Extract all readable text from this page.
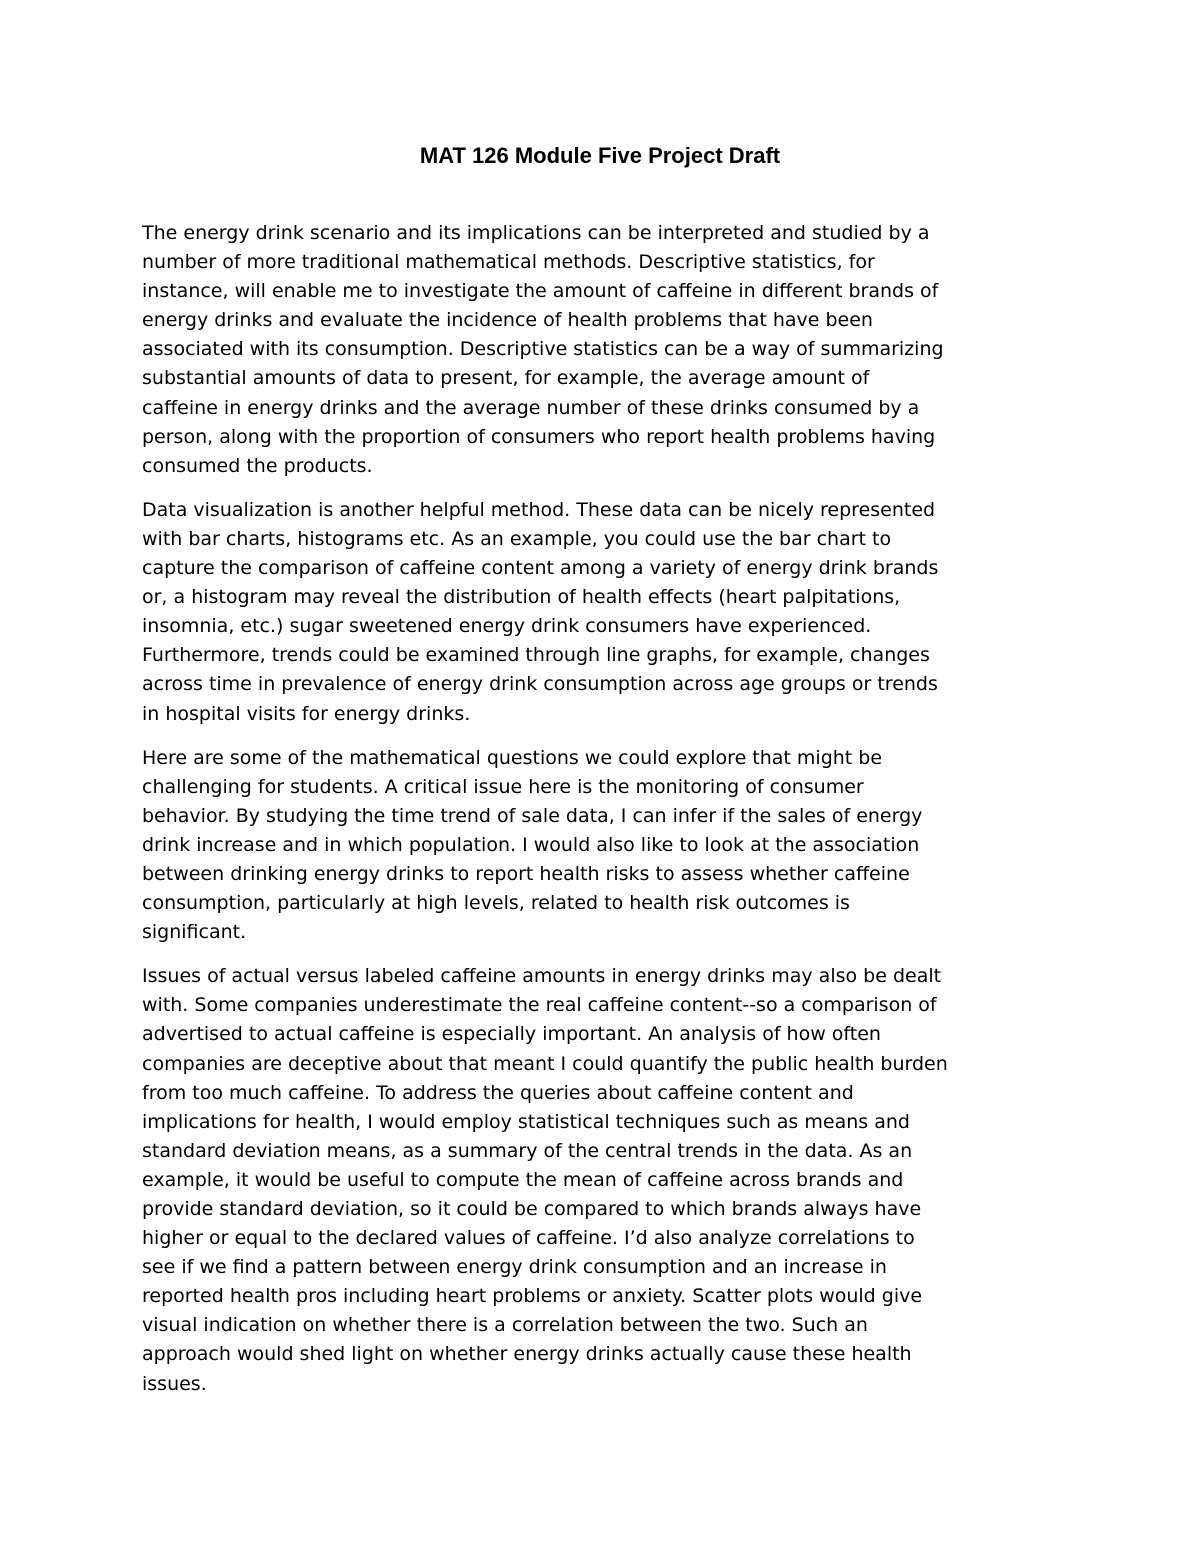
MAT 126 Module Five Project Draft

The energy drink scenario and its implications can be interpreted and studied by a
number of more traditional mathematical methods. Descriptive statistics, for
instance, will enable me to investigate the amount of caffeine in different brands of
energy drinks and evaluate the incidence of health problems that have been
associated with its consumption. Descriptive statistics can be a way of summarizing
substantial amounts of data to present, for example, the average amount of
caffeine in energy drinks and the average number of these drinks consumed by a
person, along with the proportion of consumers who report health problems having
consumed the products.

Data visualization is another helpful method. These data can be nicely represented
with bar charts, histograms etc. As an example, you could use the bar chart to
capture the comparison of caffeine content among a variety of energy drink brands
or, a histogram may reveal the distribution of health effects (heart palpitations,
insomnia, etc.) sugar sweetened energy drink consumers have experienced.
Furthermore, trends could be examined through line graphs, for example, changes
across time in prevalence of energy drink consumption across age groups or trends
in hospital visits for energy drinks.

Here are some of the mathematical questions we could explore that might be
challenging for students. A critical issue here is the monitoring of consumer
behavior. By studying the time trend of sale data, I can infer if the sales of energy
drink increase and in which population. I would also like to look at the association
between drinking energy drinks to report health risks to assess whether caffeine
consumption, particularly at high levels, related to health risk outcomes is
significant.

Issues of actual versus labeled caffeine amounts in energy drinks may also be dealt
with. Some companies underestimate the real caffeine content--so a comparison of
advertised to actual caffeine is especially important. An analysis of how often
companies are deceptive about that meant I could quantify the public health burden
from too much caffeine. To address the queries about caffeine content and
implications for health, I would employ statistical techniques such as means and
standard deviation means, as a summary of the central trends in the data. As an
example, it would be useful to compute the mean of caffeine across brands and
provide standard deviation, so it could be compared to which brands always have
higher or equal to the declared values of caffeine. I’d also analyze correlations to
see if we find a pattern between energy drink consumption and an increase in
reported health pros including heart problems or anxiety. Scatter plots would give
visual indication on whether there is a correlation between the two. Such an
approach would shed light on whether energy drinks actually cause these health
issues.
